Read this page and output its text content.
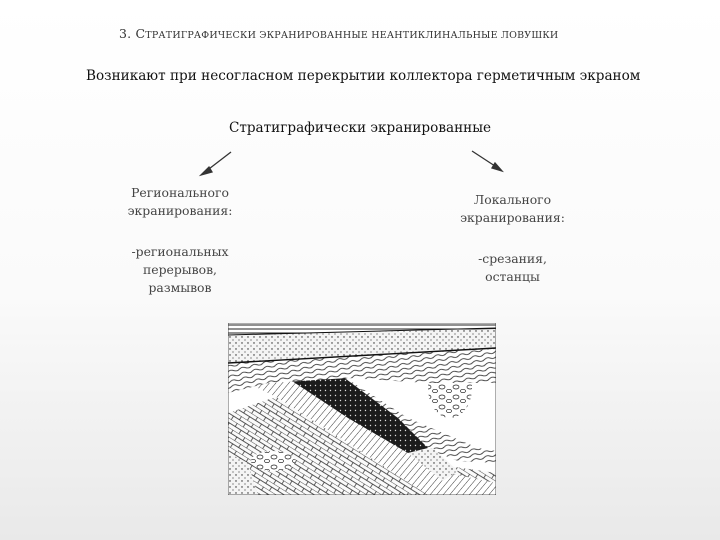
3. СТРАТИГРАФИЧЕСКИ ЭКРАНИРОВАННЫЕ НЕАНТИКЛИНАЛЬНЫЕ ЛОВУШКИ
Возникают при несогласном перекрытии коллектора герметичным экраном
Стратиграфически экранированные
Регионального
экранирования:
-региональных
перерывов,
размывов
Локального
экранирования:
-срезания,
останцы
